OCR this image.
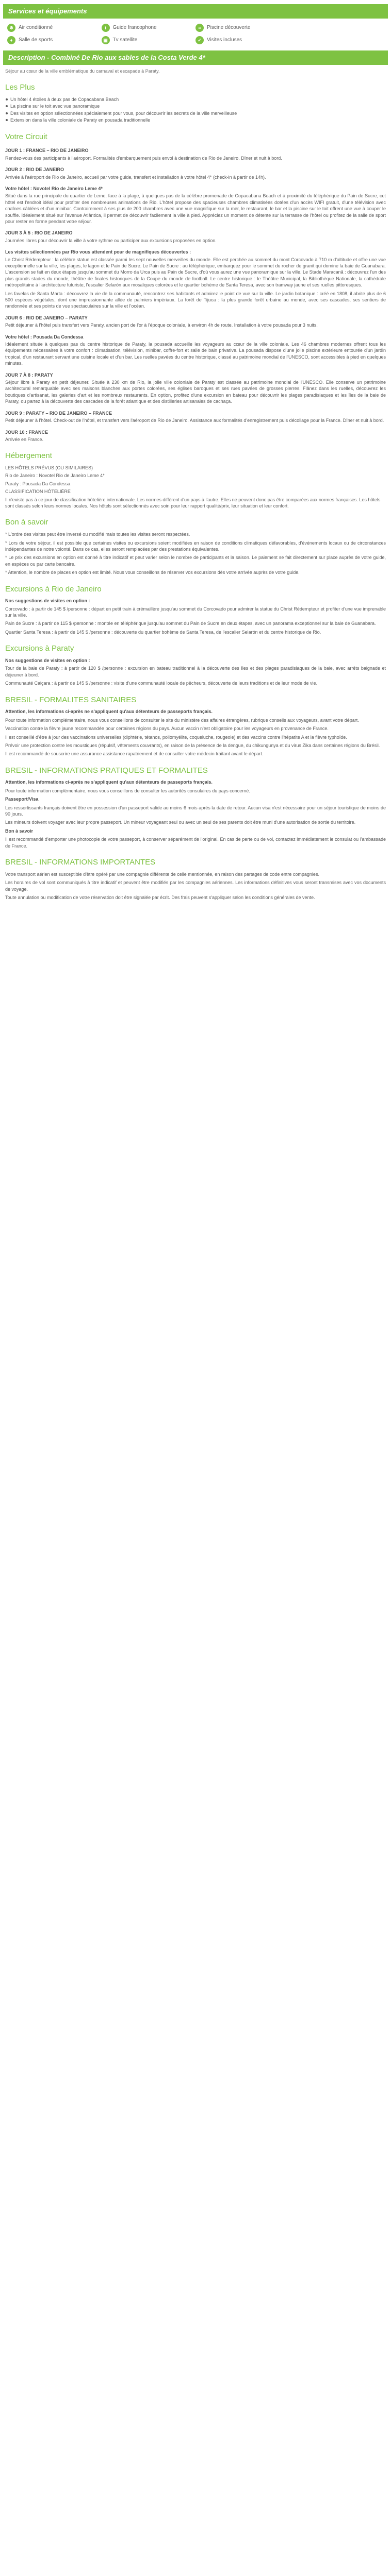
Services et équipements
❄	Air conditionné	i	Guide francophone	≈	Piscine découverte
♦	Salle de sports	▣ Tv satellite	✓	Visites incluses
Description - Combiné De Rio aux sables de la Costa Verde 4*
Séjour au cœur de la ville emblématique du carnaval et escapade à Paraty.
Les Plus
Un hôtel 4 étoiles à deux pas de Copacabana Beach
La piscine sur le toit avec vue panoramique
Des visites en option sélectionnées spécialement pour vous, pour découvrir les secrets de la ville merveilleuse
Extension dans la ville coloniale de Paraty en pousada traditionnelle
Votre Circuit
JOUR 1 : FRANCE – RIO DE JANEIRO

Rendez-vous des participants à l'aéroport. Formalités d'embarquement puis envol à destination de Rio de Janeiro. Dîner et nuit à bord.

JOUR 2 : RIO DE JANEIRO

Arrivée à l'aéroport de Rio de Janeiro, accueil par votre guide, transfert et installation à votre hôtel 4* (check-in à partir de 14h).

Votre hôtel : Novotel Rio de Janeiro Leme 4*

Situé dans la rue principale du quartier de Leme, face à la plage, à quelques pas de la célèbre promenade de Copacabana Beach et à proximité du téléphérique du Pain de Sucre, cet hôtel est l'endroit idéal pour profiter des nombreuses animations de Rio. L'hôtel propose des spacieuses chambres climatisées dotées d'un accès WIFI gratuit, d'une télévision avec chaînes câblées et d'un minibar. Contrairement à ses plus de 200 chambres avec une vue magnifique sur la mer, le restaurant, le bar et la piscine sur le toit offrent une vue à couper le souffle. Idéalement situé sur l'avenue Atlântica, il permet de découvrir facilement la ville à pied. Appréciez un moment de détente sur la terrasse de l'hôtel ou profitez de la salle de sport pour rester en forme pendant votre séjour.

JOUR 3 À 5 : RIO DE JANEIRO

Journées libres pour découvrir la ville à votre rythme ou participer aux excursions proposées en option.

Les visites sélectionnées par Rio vous attendent pour de magnifiques découvertes :

Le Christ Rédempteur : la célèbre statue est classée parmi les sept nouvelles merveilles du monde. Elle est perchée au sommet du mont Corcovado à 710 m d'altitude et offre une vue exceptionnelle sur la ville, les plages, le lagon et le Pain de Sucre. Le Pain de Sucre : au téléphérique, embarquez pour le sommet du rocher de granit qui domine la baie de Guanabara. L'ascension se fait en deux étapes jusqu'au sommet du Morro da Urca puis au Pain de Sucre, d'où vous aurez une vue panoramique sur la ville. Le Stade Maracanã : découvrez l'un des plus grands stades du monde, théâtre de finales historiques de la Coupe du monde de football. Le centre historique : le Théâtre Municipal, la Bibliothèque Nationale, la cathédrale métropolitaine à l'architecture futuriste, l'escalier Selarón aux mosaïques colorées et le quartier bohème de Santa Teresa, avec son tramway jaune et ses ruelles pittoresques.

Les favelas de Santa Marta : découvrez la vie de la communauté, rencontrez ses habitants et admirez le point de vue sur la ville. Le jardin botanique : créé en 1808, il abrite plus de 6 500 espèces végétales, dont une impressionnante allée de palmiers impériaux. La forêt de Tijuca : la plus grande forêt urbaine au monde, avec ses cascades, ses sentiers de randonnée et ses points de vue spectaculaires sur la ville et l'océan.

JOUR 6 : RIO DE JANEIRO – PARATY

Petit déjeuner à l'hôtel puis transfert vers Paraty, ancien port de l'or à l'époque coloniale, à environ 4h de route. Installation à votre pousada pour 3 nuits.

Votre hôtel : Pousada Da Condessa

Idéalement située à quelques pas du centre historique de Paraty, la pousada accueille les voyageurs au cœur de la ville coloniale. Les 46 chambres modernes offrent tous les équipements nécessaires à votre confort : climatisation, télévision, minibar, coffre-fort et salle de bain privative. La pousada dispose d'une jolie piscine extérieure entourée d'un jardin tropical, d'un restaurant servant une cuisine locale et d'un bar. Les ruelles pavées du centre historique, classé au patrimoine mondial de l'UNESCO, sont accessibles à pied en quelques minutes.

JOUR 7 À 8 : PARATY

Séjour libre à Paraty en petit déjeuner. Située à 230 km de Rio, la jolie ville coloniale de Paraty est classée au patrimoine mondial de l'UNESCO. Elle conserve un patrimoine architectural remarquable avec ses maisons blanches aux portes colorées, ses églises baroques et ses rues pavées de grosses pierres. Flânez dans les ruelles, découvrez les boutiques d'artisanat, les galeries d'art et les nombreux restaurants. En option, profitez d'une excursion en bateau pour découvrir les plages paradisiaques et les îles de la baie de Paraty, ou partez à la découverte des cascades de la forêt atlantique et des distilleries artisanales de cachaça.

JOUR 9 : PARATY – RIO DE JANEIRO – FRANCE

Petit déjeuner à l'hôtel. Check-out de l'hôtel, et transfert vers l'aéroport de Rio de Janeiro. Assistance aux formalités d'enregistrement puis décollage pour la France. Dîner et nuit à bord.

JOUR 10 : FRANCE

Arrivée en France.

Hébergement

LES HÔTELS PRÉVUS (OU SIMILAIRES)

Rio de Janeiro : Novotel Rio de Janeiro Leme 4*

Paraty : Pousada Da Condessa

CLASSIFICATION HÔTELIÈRE

Il n'existe pas à ce jour de classification hôtelière internationale. Les normes diffèrent d'un pays à l'autre. Elles ne peuvent donc pas être comparées aux normes françaises. Les hôtels sont classés selon leurs normes locales. Nos hôtels sont sélectionnés avec soin pour leur rapport qualité/prix, leur situation et leur confort.

Bon à savoir

* L'ordre des visites peut être inversé ou modifié mais toutes les visites seront respectées.

* Lors de votre séjour, il est possible que certaines visites ou excursions soient modifiées en raison de conditions climatiques défavorables, d'événements locaux ou de circonstances indépendantes de notre volonté. Dans ce cas, elles seront remplacées par des prestations équivalentes.

* Le prix des excursions en option est donné à titre indicatif et peut varier selon le nombre de participants et la saison. Le paiement se fait directement sur place auprès de votre guide, en espèces ou par carte bancaire.

* Attention, le nombre de places en option est limité. Nous vous conseillons de réserver vos excursions dès votre arrivée auprès de votre guide.

Excursions à Rio de Janeiro

Nos suggestions de visites en option :

Corcovado : à partir de 145 $ /personne : départ en petit train à crémaillère jusqu'au sommet du Corcovado pour admirer la statue du Christ Rédempteur et profiter d'une vue imprenable sur la ville.

Pain de Sucre : à partir de 115 $ /personne : montée en téléphérique jusqu'au sommet du Pain de Sucre en deux étapes, avec un panorama exceptionnel sur la baie de Guanabara.

Quartier Santa Teresa : à partir de 145 $ /personne : découverte du quartier bohème de Santa Teresa, de l'escalier Selarón et du centre historique de Rio.

Excursions à Paraty

Nos suggestions de visites en option :

Tour de la baie de Paraty : à partir de 120 $ /personne : excursion en bateau traditionnel à la découverte des îles et des plages paradisiaques de la baie, avec arrêts baignade et déjeuner à bord.

Communauté Caiçara : à partir de 145 $ /personne : visite d'une communauté locale de pêcheurs, découverte de leurs traditions et de leur mode de vie.

BRESIL - FORMALITES SANITAIRES

Attention, les informations ci-après ne s'appliquent qu'aux détenteurs de passeports français.

Pour toute information complémentaire, nous vous conseillons de consulter le site du ministère des affaires étrangères, rubrique conseils aux voyageurs, avant votre départ.

Vaccination contre la fièvre jaune recommandée pour certaines régions du pays. Aucun vaccin n'est obligatoire pour les voyageurs en provenance de France.

Il est conseillé d'être à jour des vaccinations universelles (diphtérie, tétanos, poliomyélite, coqueluche, rougeole) et des vaccins contre l'hépatite A et la fièvre typhoïde.

Prévoir une protection contre les moustiques (répulsif, vêtements couvrants), en raison de la présence de la dengue, du chikungunya et du virus Zika dans certaines régions du Brésil.

Il est recommandé de souscrire une assurance assistance rapatriement et de consulter votre médecin traitant avant le départ.

BRESIL - INFORMATIONS PRATIQUES ET FORMALITES

Attention, les informations ci-après ne s'appliquent qu'aux détenteurs de passeports français.

Pour toute information complémentaire, nous vous conseillons de consulter les autorités consulaires du pays concerné.

Passeport/Visa

Les ressortissants français doivent être en possession d'un passeport valide au moins 6 mois après la date de retour. Aucun visa n'est nécessaire pour un séjour touristique de moins de 90 jours.

Les mineurs doivent voyager avec leur propre passeport. Un mineur voyageant seul ou avec un seul de ses parents doit être muni d'une autorisation de sortie du territoire.

Bon à savoir

Il est recommandé d'emporter une photocopie de votre passeport, à conserver séparément de l'original. En cas de perte ou de vol, contactez immédiatement le consulat ou l'ambassade de France.

BRESIL - INFORMATIONS IMPORTANTES

Votre transport aérien est susceptible d'être opéré par une compagnie différente de celle mentionnée, en raison des partages de code entre compagnies.

Les horaires de vol sont communiqués à titre indicatif et peuvent être modifiés par les compagnies aériennes. Les informations définitives vous seront transmises avec vos documents de voyage.

Toute annulation ou modification de votre réservation doit être signalée par écrit. Des frais peuvent s'appliquer selon les conditions générales de vente.
